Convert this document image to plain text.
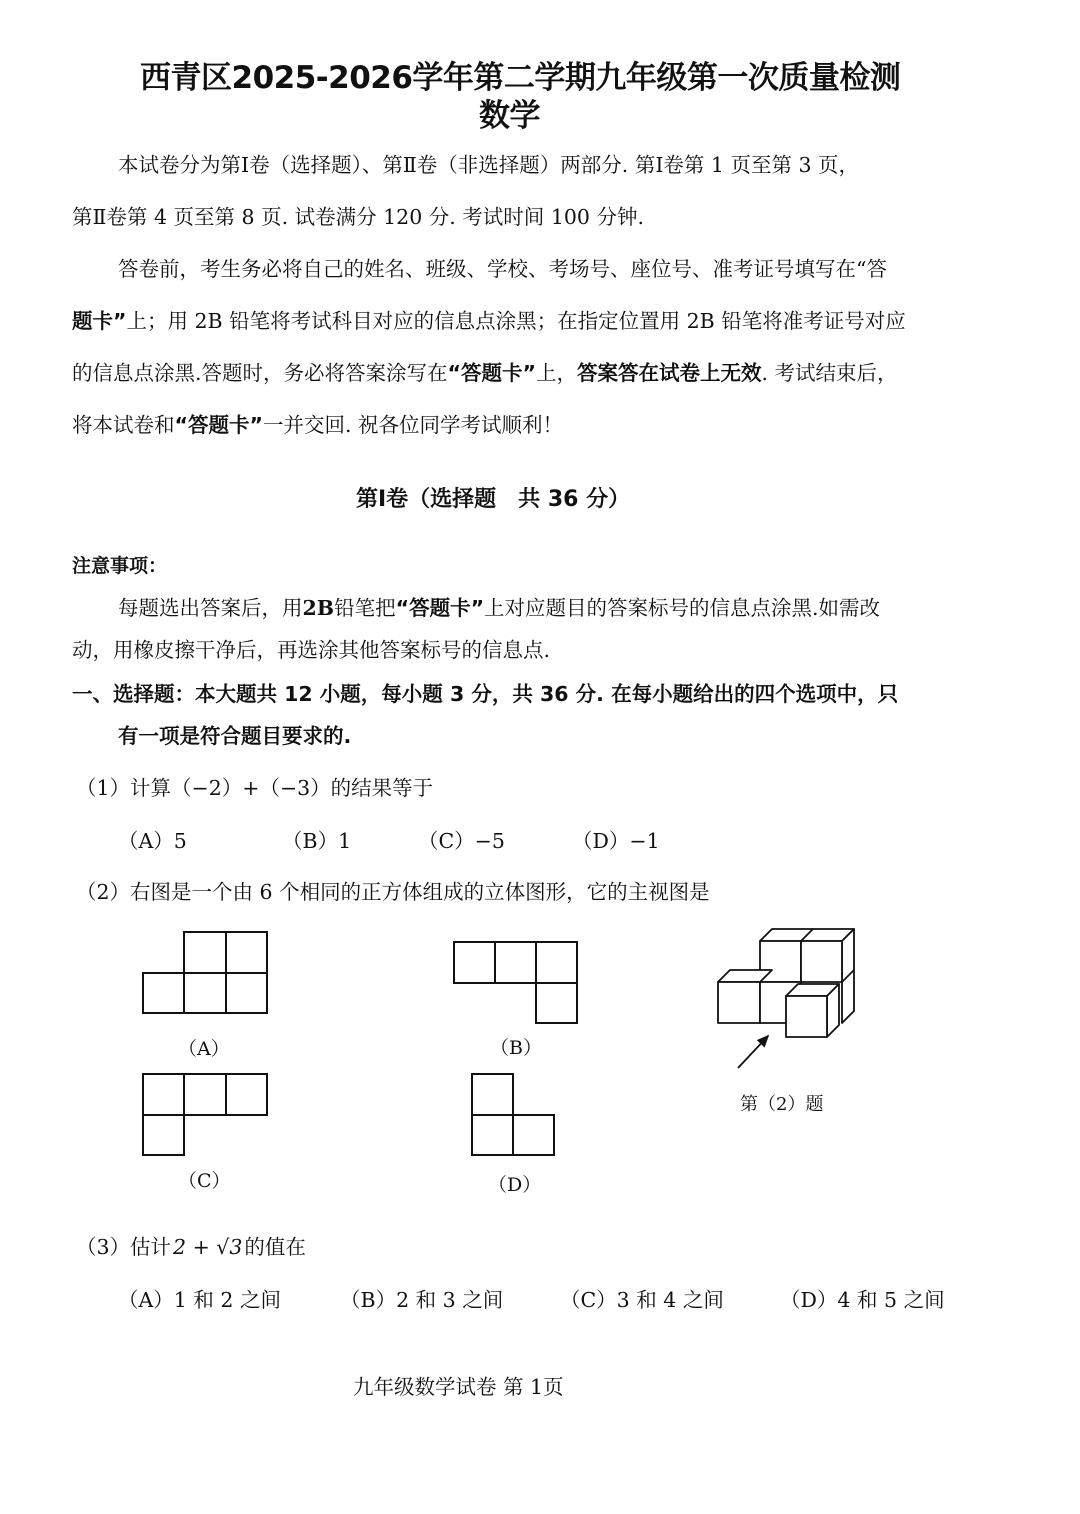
西青区2025-2026学年第二学期九年级第一次质量检测
数学
本试卷分为第Ⅰ卷（选择题）、第Ⅱ卷（非选择题）两部分. 第Ⅰ卷第 1 页至第 3 页，
第Ⅱ卷第 4 页至第 8 页. 试卷满分 120 分. 考试时间 100 分钟.
答卷前，考生务必将自己的姓名、班级、学校、考场号、座位号、准考证号填写在“答
题卡”上；用 2B 铅笔将考试科目对应的信息点涂黑；在指定位置用 2B 铅笔将准考证号对应
的信息点涂黑.答题时，务必将答案涂写在“答题卡”上，答案答在试卷上无效. 考试结束后，
将本试卷和“答题卡”一并交回. 祝各位同学考试顺利！
第Ⅰ卷（选择题　共 36 分）
注意事项：
每题选出答案后，用2B铅笔把“答题卡”上对应题目的答案标号的信息点涂黑.如需改
动，用橡皮擦干净后，再选涂其他答案标号的信息点.
一、选择题：本大题共 12 小题，每小题 3 分，共 36 分. 在每小题给出的四个选项中，只
有一项是符合题目要求的.
（1）计算（−2）+（−3）的结果等于
（A）5	（B）1	（C）−5	（D）−1
（2）右图是一个由 6 个相同的正方体组成的立体图形，它的主视图是
（A）	（B）
（C）	（D）
第（2）题
（3）估计2 + √3的值在
（A）1 和 2 之间	（B）2 和 3 之间	（C）3 和 4 之间	（D）4 和 5 之间
九年级数学试卷 第 1页
